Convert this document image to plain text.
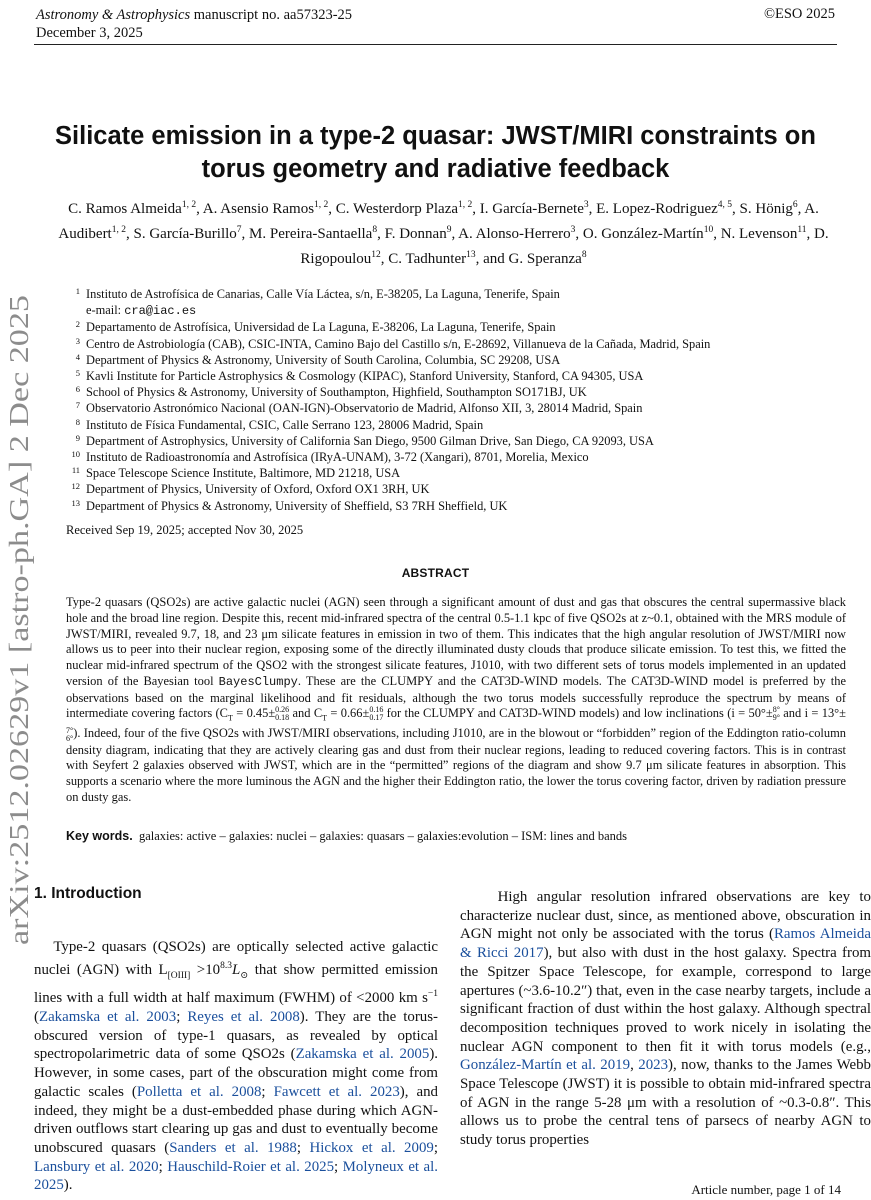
Astronomy & Astrophysics manuscript no. aa57323-25
December 3, 2025
©ESO 2025
arXiv:2512.02629v1 [astro-ph.GA] 2 Dec 2025
Silicate emission in a type-2 quasar: JWST/MIRI constraints on
torus geometry and radiative feedback
C. Ramos Almeida$^{1, 2}$, A. Asensio Ramos$^{1, 2}$, C. Westerdorp Plaza$^{1, 2}$, I. García-Bernete$^3$, E. Lopez-Rodriguez$^{4, 5}$, S. Hönig$^6$, A. Audibert$^{1, 2}$, S. García-Burillo$^7$, M. Pereira-Santaella$^8$, F. Donnan$^9$, A. Alonso-Herrero$^3$, O. González-Martín$^{10}$, N. Levenson$^{11}$, D. Rigopoulou$^{12}$, C. Tadhunter$^{13}$, and G. Speranza$^8$
1 Instituto de Astrofísica de Canarias, Calle Vía Láctea, s/n, E-38205, La Laguna, Tenerife, Spain
e-mail: cra@iac.es
2 Departamento de Astrofísica, Universidad de La Laguna, E-38206, La Laguna, Tenerife, Spain
3 Centro de Astrobiología (CAB), CSIC-INTA, Camino Bajo del Castillo s/n, E-28692, Villanueva de la Cañada, Madrid, Spain
4 Department of Physics & Astronomy, University of South Carolina, Columbia, SC 29208, USA
5 Kavli Institute for Particle Astrophysics & Cosmology (KIPAC), Stanford University, Stanford, CA 94305, USA
6 School of Physics & Astronomy, University of Southampton, Highfield, Southampton SO171BJ, UK
7 Observatorio Astronómico Nacional (OAN-IGN)-Observatorio de Madrid, Alfonso XII, 3, 28014 Madrid, Spain
8 Instituto de Física Fundamental, CSIC, Calle Serrano 123, 28006 Madrid, Spain
9 Department of Astrophysics, University of California San Diego, 9500 Gilman Drive, San Diego, CA 92093, USA
10 Instituto de Radioastronomía and Astrofísica (IRyA-UNAM), 3-72 (Xangari), 8701, Morelia, Mexico
11 Space Telescope Science Institute, Baltimore, MD 21218, USA
12 Department of Physics, University of Oxford, Oxford OX1 3RH, UK
13 Department of Physics & Astronomy, University of Sheffield, S3 7RH Sheffield, UK
Received Sep 19, 2025; accepted Nov 30, 2025
ABSTRACT
Type-2 quasars (QSO2s) are active galactic nuclei (AGN) seen through a significant amount of dust and gas that obscures the central supermassive black hole and the broad line region. Despite this, recent mid-infrared spectra of the central 0.5-1.1 kpc of five QSO2s at z~0.1, obtained with the MRS module of JWST/MIRI, revealed 9.7, 18, and 23 μm silicate features in emission in two of them. This indicates that the high angular resolution of JWST/MIRI now allows us to peer into their nuclear region, exposing some of the directly illuminated dusty clouds that produce silicate emission. To test this, we fitted the nuclear mid-infrared spectrum of the QSO2 with the strongest silicate features, J1010, with two different sets of torus models implemented in an updated version of the Bayesian tool BayesClumpy. These are the CLUMPY and the CAT3D-WIND models. The CAT3D-WIND model is preferred by the observations based on the marginal likelihood and fit residuals, although the two torus models successfully reproduce the spectrum by means of intermediate covering factors ($C_T = 0.45\pm 0.26$
0.18 and $C_T = 0.66\pm 0.16$
0.17 for the CLUMPY and CAT3D-WIND models) and low inclinations (i = 50°± 8°
9° and i = 13°±
7°
6° ). Indeed, four of the five QSO2s with JWST/MIRI observations, including J1010, are in the blowout or “forbidden” region of the Eddington ratio-column density diagram, indicating that they are actively clearing gas and dust from their nuclear regions, leading to reduced covering factors. This is in contrast with Seyfert 2 galaxies observed with JWST, which are in the “permitted” regions of the diagram and show 9.7 μm silicate features in absorption. This supports a scenario where the more luminous the AGN and the higher their Eddington ratio, the lower the torus covering factor, driven by radiation pressure on dusty gas.
Key words. galaxies: active – galaxies: nuclei – galaxies: quasars – galaxies:evolution – ISM: lines and bands
1. Introduction
Type-2 quasars (QSO2s) are optically selected active galactic nuclei (AGN) with $L_{[OIII]} >10^{8.3}L_⊙$ that show permitted emission lines with a full width at half maximum (FWHM) of <2000 km $s^{-1}$ (Zakamska et al. 2003; Reyes et al. 2008). They are the torus-obscured version of type-1 quasars, as revealed by optical spectropolarimetric data of some QSO2s (Zakamska et al. 2005). However, in some cases, part of the obscuration might come from galactic scales (Polletta et al. 2008; Fawcett et al. 2023), and indeed, they might be a dust-embedded phase during which AGN-driven outflows start clearing up gas and dust to eventually become unobscured quasars (Sanders et al. 1988; Hickox et al. 2009; Lansbury et al. 2020; Hauschild-Roier et al. 2025; Molyneux et al. 2025).
High angular resolution infrared observations are key to characterize nuclear dust, since, as mentioned above, obscuration in AGN might not only be associated with the torus (Ramos Almeida & Ricci 2017), but also with dust in the host galaxy. Spectra from the Spitzer Space Telescope, for example, correspond to large apertures (~3.6-10.2″) that, even in the case nearby targets, include a significant fraction of dust within the host galaxy. Although spectral decomposition techniques proved to work nicely in isolating the nuclear AGN component to then fit it with torus models (e.g., González-Martín et al. 2019, 2023), now, thanks to the James Webb Space Telescope (JWST) it is possible to obtain mid-infrared spectra of AGN in the range 5-28 μm with a resolution of ~0.3-0.8″. This allows us to probe the central tens of parsecs of nearby AGN to study torus properties
Article number, page 1 of 14
